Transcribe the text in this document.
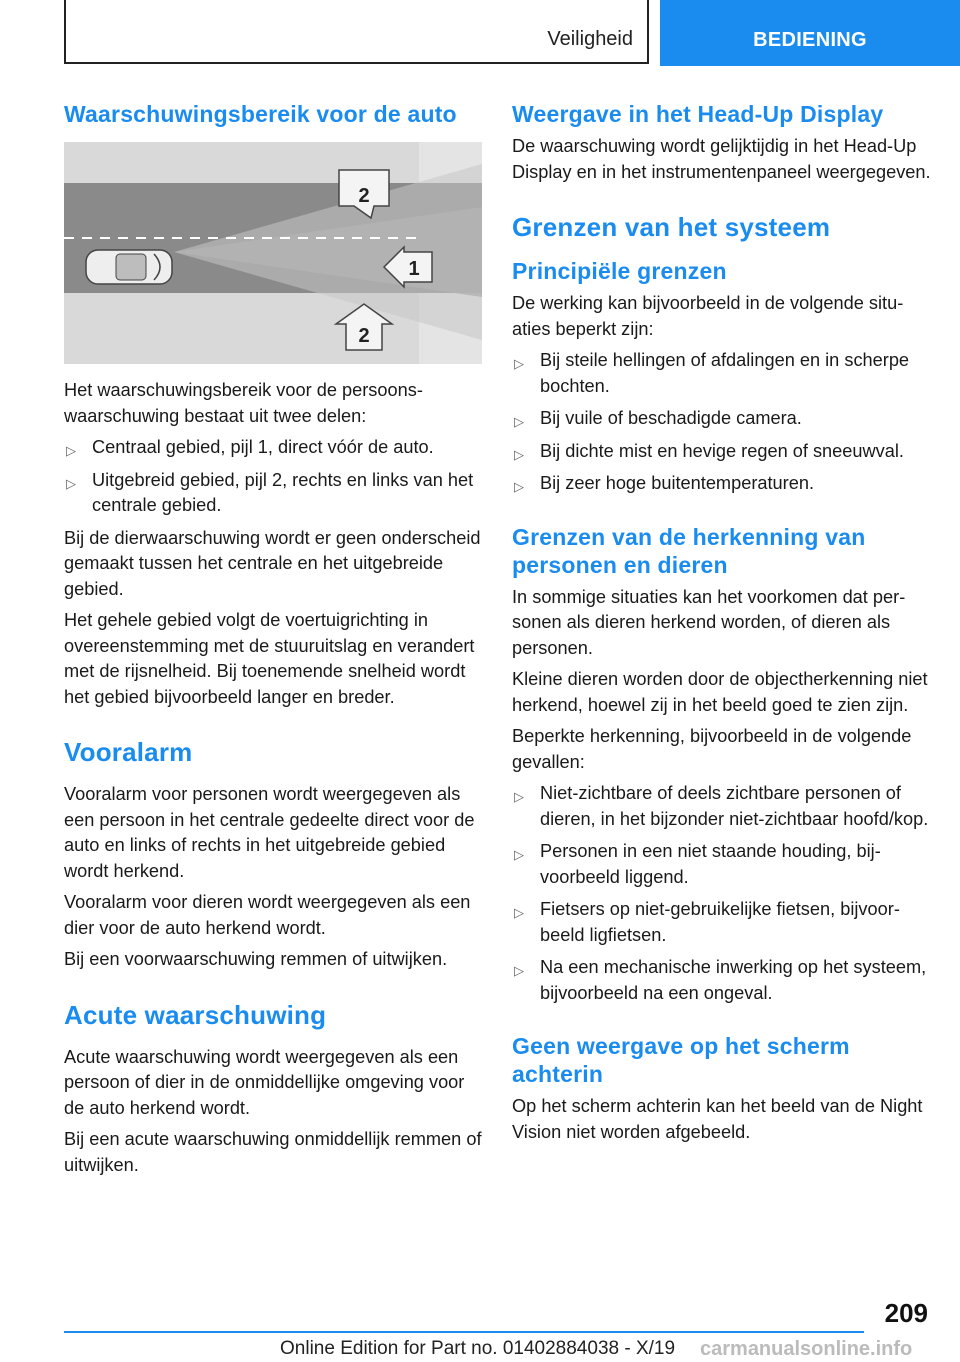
Veiligheid	BEDIENING
Waarschuwingsbereik voor de auto
2
1
2

Het waarschuwingsbereik voor de persoonswaarschuwing bestaat uit twee delen:

▷ Centraal gebied, pijl 1, direct vóór de auto.
▷ Uitgebreid gebied, pijl 2, rechts en links van het centrale gebied.

Bij de dierwaarschuwing wordt er geen onderscheid gemaakt tussen het centrale en het uitgebreide gebied.

Het gehele gebied volgt de voertuigrichting in overeenstemming met de stuuruitslag en verandert met de rijsnelheid. Bij toenemende snelheid wordt het gebied bijvoorbeeld langer en breder.

Vooralarm

Vooralarm voor personen wordt weergegeven als een persoon in het centrale gedeelte direct voor de auto en links of rechts in het uitgebreide gebied wordt herkend.

Vooralarm voor dieren wordt weergegeven als een dier voor de auto herkend wordt.

Bij een voorwaarschuwing remmen of uitwijken.

Acute waarschuwing

Acute waarschuwing wordt weergegeven als een persoon of dier in de onmiddellijke omgeving voor de auto herkend wordt.

Bij een acute waarschuwing onmiddellijk remmen of uitwijken.

Weergave in het Head-Up Display

De waarschuwing wordt gelijktijdig in het Head-Up Display en in het instrumentenpaneel weergegeven.

Grenzen van het systeem
Principiële grenzen

De werking kan bijvoorbeeld in de volgende situaties beperkt zijn:

▷ Bij steile hellingen of afdalingen en in scherpe bochten.
▷ Bij vuile of beschadigde camera.
▷ Bij dichte mist en hevige regen of sneeuwval.
▷ Bij zeer hoge buitentemperaturen.
Grenzen van de herkenning van personen en dieren

In sommige situaties kan het voorkomen dat personen als dieren herkend worden, of dieren als personen.

Kleine dieren worden door de objectherkenning niet herkend, hoewel zij in het beeld goed te zien zijn.

Beperkte herkenning, bijvoorbeeld in de volgende gevallen:

▷ Niet-zichtbare of deels zichtbare personen of dieren, in het bijzonder niet-zichtbaar hoofd/kop.
▷ Personen in een niet staande houding, bijvoorbeeld liggend.
▷ Fietsers op niet-gebruikelijke fietsen, bijvoorbeeld ligfietsen.
▷ Na een mechanische inwerking op het systeem, bijvoorbeeld na een ongeval.
Geen weergave op het scherm achterin

Op het scherm achterin kan het beeld van de Night Vision niet worden afgebeeld.

209
Online Edition for Part no. 01402884038 - X/19 carmanualsonline.info
